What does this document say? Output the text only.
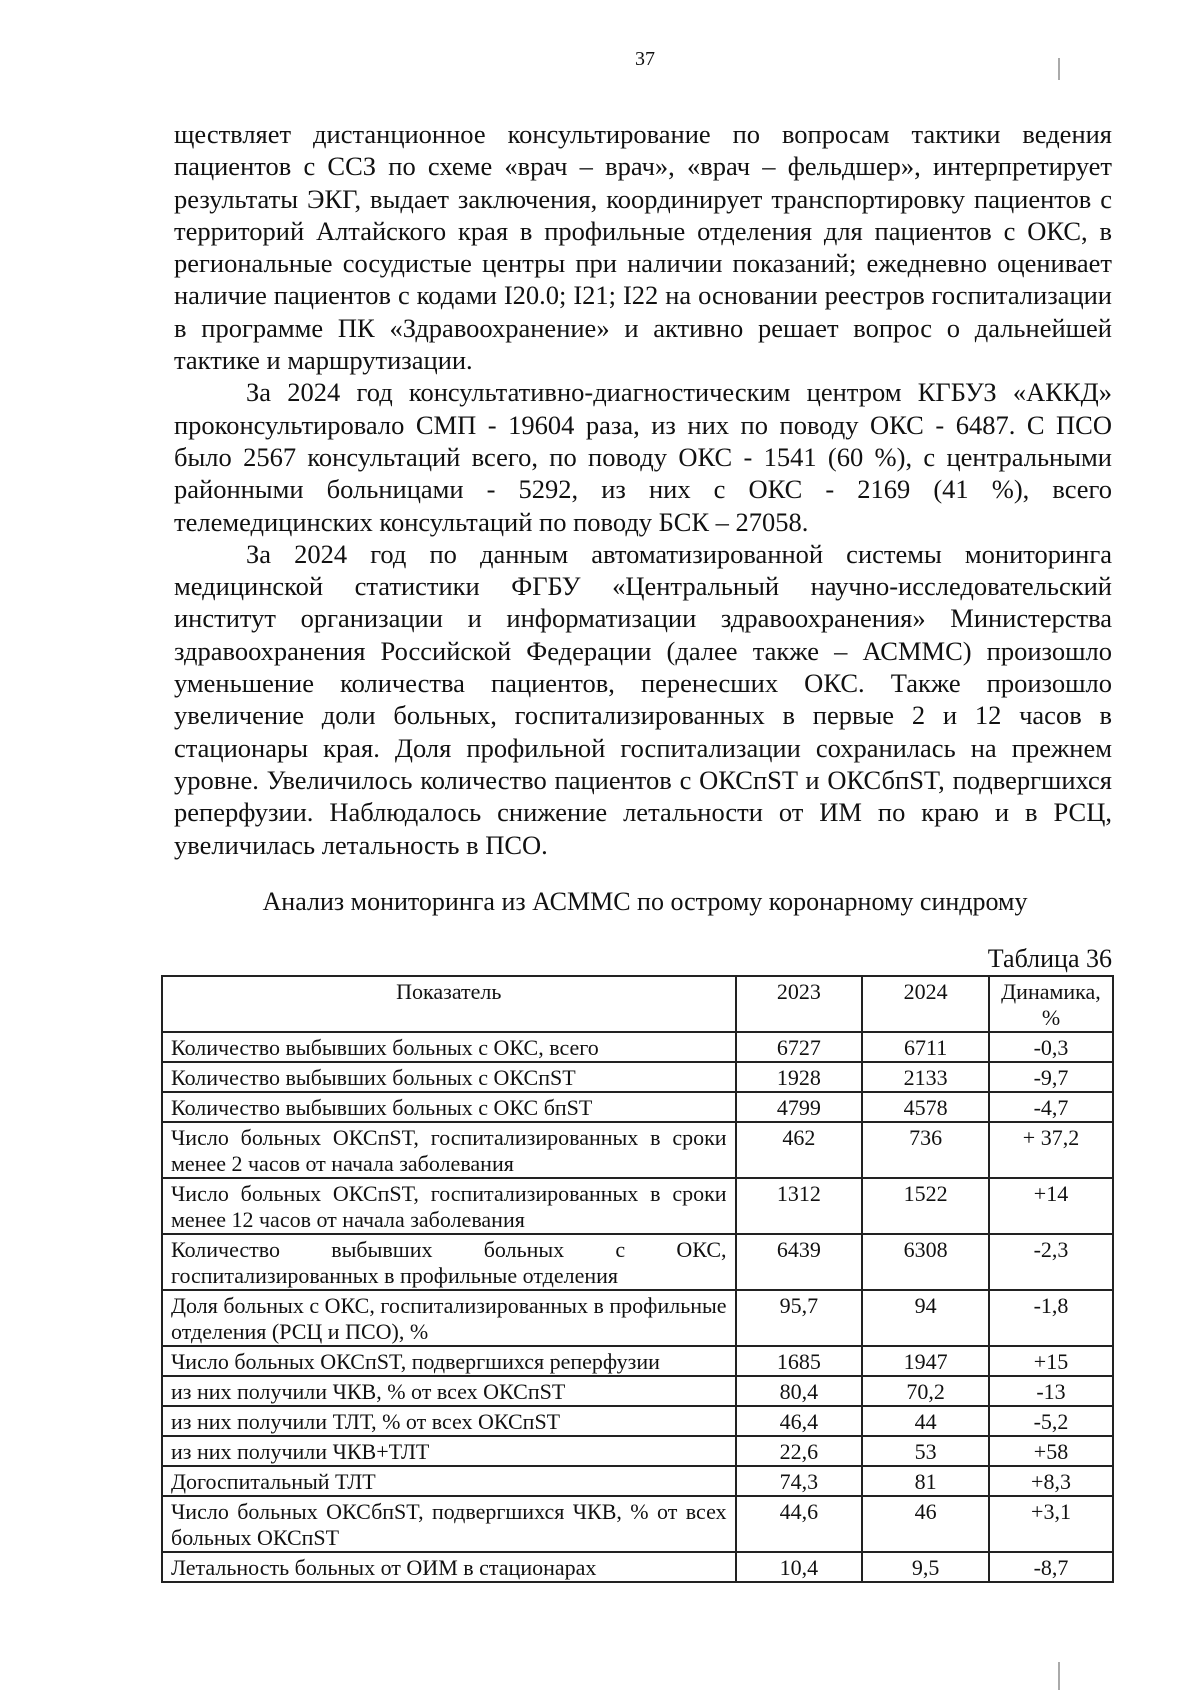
37

ществляет дистанционное консультирование по вопросам тактики ведения пациентов с ССЗ по схеме «врач – врач», «врач – фельдшер», интерпретирует результаты ЭКГ, выдает заключения, координирует транспортировку пациентов с территорий Алтайского края в профильные отделения для пациентов с ОКС, в региональные сосудистые центры при наличии показаний; ежедневно оценивает наличие пациентов с кодами I20.0; I21; I22 на основании реестров госпитализации в программе ПК «Здравоохранение» и активно решает вопрос о дальнейшей тактике и маршрутизации.

За 2024 год консультативно-диагностическим центром КГБУЗ «АККД» проконсультировало СМП - 19604 раза, из них по поводу ОКС - 6487. С ПСО было 2567 консультаций всего, по поводу ОКС - 1541 (60 %), с центральными районными больницами - 5292, из них с ОКС - 2169 (41 %), всего телемедицинских консультаций по поводу БСК – 27058.

За 2024 год по данным автоматизированной системы мониторинга медицинской статистики ФГБУ «Центральный научно-исследовательский институт организации и информатизации здравоохранения» Министерства здравоохранения Российской Федерации (далее также – АСММС) произошло уменьшение количества пациентов, перенесших ОКС. Также произошло увеличение доли больных, госпитализированных в первые 2 и 12 часов в стационары края. Доля профильной госпитализации сохранилась на прежнем уровне. Увеличилось количество пациентов с ОКСпST и ОКСбпST, подвергшихся реперфузии. Наблюдалось снижение летальности от ИМ по краю и в РСЦ, увеличилась летальность в ПСО.

Анализ мониторинга из АСММС по острому коронарному синдрому
Таблица 36
Показатель	2023	2024	Динамика, %
Количество выбывших больных с ОКС, всего	6727	6711	-0,3
Количество выбывших больных с ОКСпST	1928	2133	-9,7
Количество выбывших больных с ОКС бпST	4799	4578	-4,7
Число больных ОКСпST, госпитализированных в сроки менее 2 часов от начала заболевания	462	736	+ 37,2
Число больных ОКСпST, госпитализированных в сроки менее 12 часов от начала заболевания	1312	1522	+14
Количество выбывших больных с ОКС, госпитализированных в профильные отделения	6439	6308	-2,3
Доля больных с ОКС, госпитализированных в профильные отделения (РСЦ и ПСО), %	95,7	94	-1,8
Число больных ОКСпST, подвергшихся реперфузии	1685	1947	+15
из них получили ЧКВ, % от всех ОКСпST	80,4	70,2	-13
из них получили ТЛТ, % от всех ОКСпST	46,4	44	-5,2
из них получили ЧКВ+ТЛТ	22,6	53	+58
Догоспитальный ТЛТ	74,3	81	+8,3
Число больных ОКСбпST, подвергшихся ЧКВ, % от всех больных ОКСпST	44,6	46	+3,1
Летальность больных от ОИМ в стационарах	10,4	9,5	-8,7
